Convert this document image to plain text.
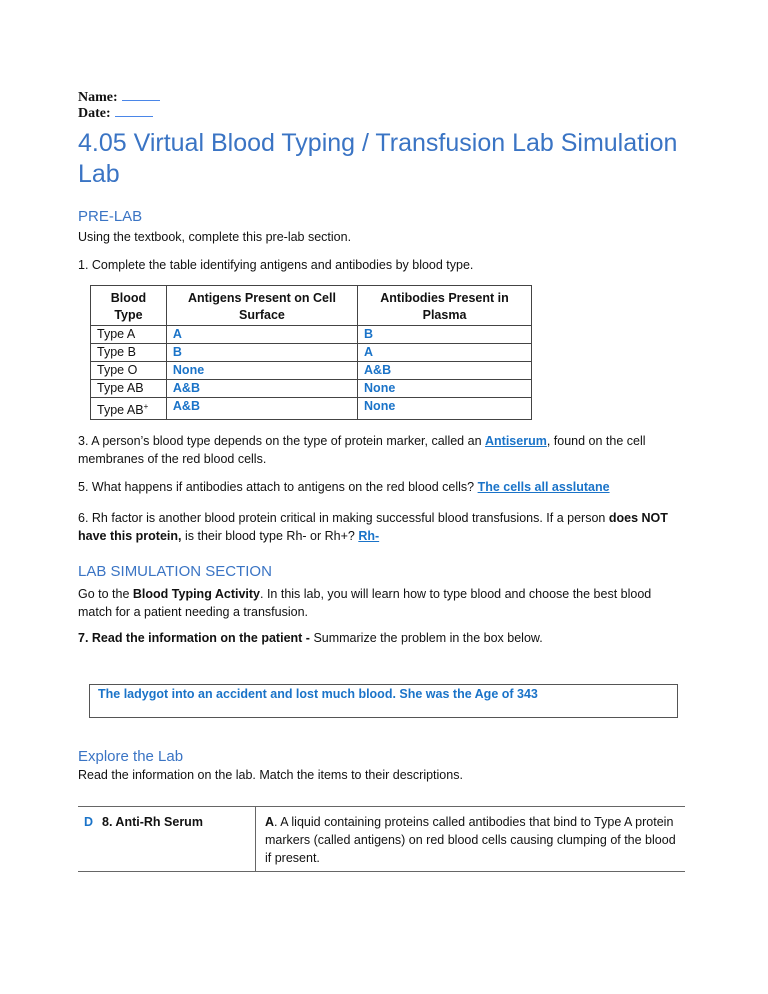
Name:
Date:
4.05 Virtual Blood Typing / Transfusion Lab Simulation Lab
PRE-LAB
Using the textbook, complete this pre-lab section.
1. Complete the table identifying antigens and antibodies by blood type.
Blood Type	Antigens Present on Cell Surface	Antibodies Present in Plasma
Type A	A	B
Type B	B	A
Type O	None	A&B
Type AB	A&B	None
Type AB+	A&B	None
3. A person’s blood type depends on the type of protein marker, called an Antiserum, found on the cell membranes of the red blood cells.
5. What happens if antibodies attach to antigens on the red blood cells? The cells all asslutane
6. Rh factor is another blood protein critical in making successful blood transfusions. If a person does NOT have this protein, is their blood type Rh- or Rh+? Rh-
LAB SIMULATION SECTION
Go to the Blood Typing Activity. In this lab, you will learn how to type blood and choose the best blood match for a patient needing a transfusion.
7. Read the information on the patient - Summarize the problem in the box below.
The ladygot into an accident and lost much blood. She was the Age of 343
Explore the Lab
Read the information on the lab. Match the items to their descriptions.
D 8. Anti-Rh Serum	A. A liquid containing proteins called antibodies that bind to Type A protein markers (called antigens) on red blood cells causing clumping of the blood if present.
